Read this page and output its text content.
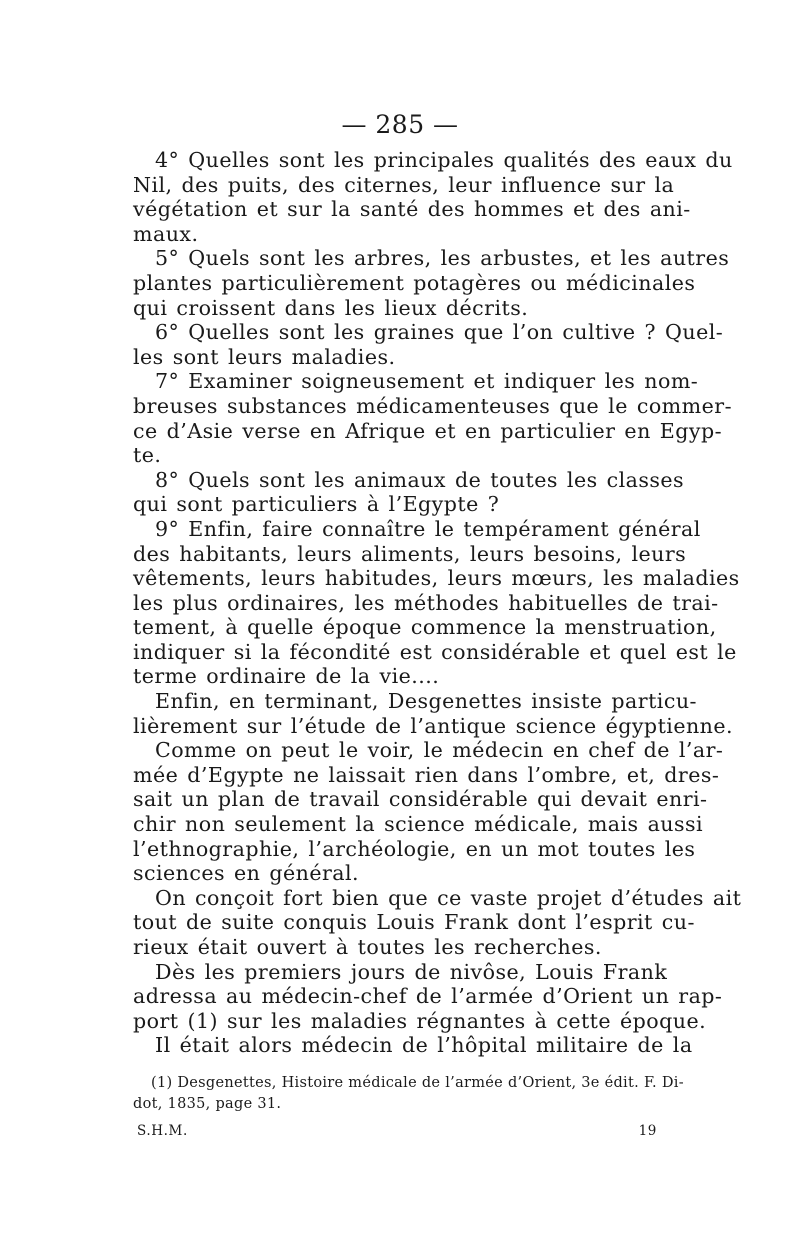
— 285 —
4° Quelles sont les principales qualités des eaux du
Nil, des puits, des citernes, leur influence sur la
végétation et sur la santé des hommes et des ani-
maux.
5° Quels sont les arbres, les arbustes, et les autres
plantes particulièrement potagères ou médicinales
qui croissent dans les lieux décrits.
6° Quelles sont les graines que l’on cultive ? Quel-
les sont leurs maladies.
7° Examiner soigneusement et indiquer les nom-
breuses substances médicamenteuses que le commer-
ce d’Asie verse en Afrique et en particulier en Egyp-
te.
8° Quels sont les animaux de toutes les classes
qui sont particuliers à l’Egypte ?
9° Enfin, faire connaître le tempérament général
des habitants, leurs aliments, leurs besoins, leurs
vêtements, leurs habitudes, leurs mœurs, les maladies
les plus ordinaires, les méthodes habituelles de trai-
tement, à quelle époque commence la menstruation,
indiquer si la fécondité est considérable et quel est le
terme ordinaire de la vie....
Enfin, en terminant, Desgenettes insiste particu-
lièrement sur l’étude de l’antique science égyptienne.
Comme on peut le voir, le médecin en chef de l’ar-
mée d’Egypte ne laissait rien dans l’ombre, et, dres-
sait un plan de travail considérable qui devait enri-
chir non seulement la science médicale, mais aussi
l’ethnographie, l’archéologie, en un mot toutes les
sciences en général.
On conçoit fort bien que ce vaste projet d’études ait
tout de suite conquis Louis Frank dont l’esprit cu-
rieux était ouvert à toutes les recherches.
Dès les premiers jours de nivôse, Louis Frank
adressa au médecin-chef de l’armée d’Orient un rap-
port (1) sur les maladies régnantes à cette époque.
Il était alors médecin de l’hôpital militaire de la
(1) Desgenettes, Histoire médicale de l’armée d’Orient, 3e édit. F. Di-
dot, 1835, page 31.
S.H.M.	19
